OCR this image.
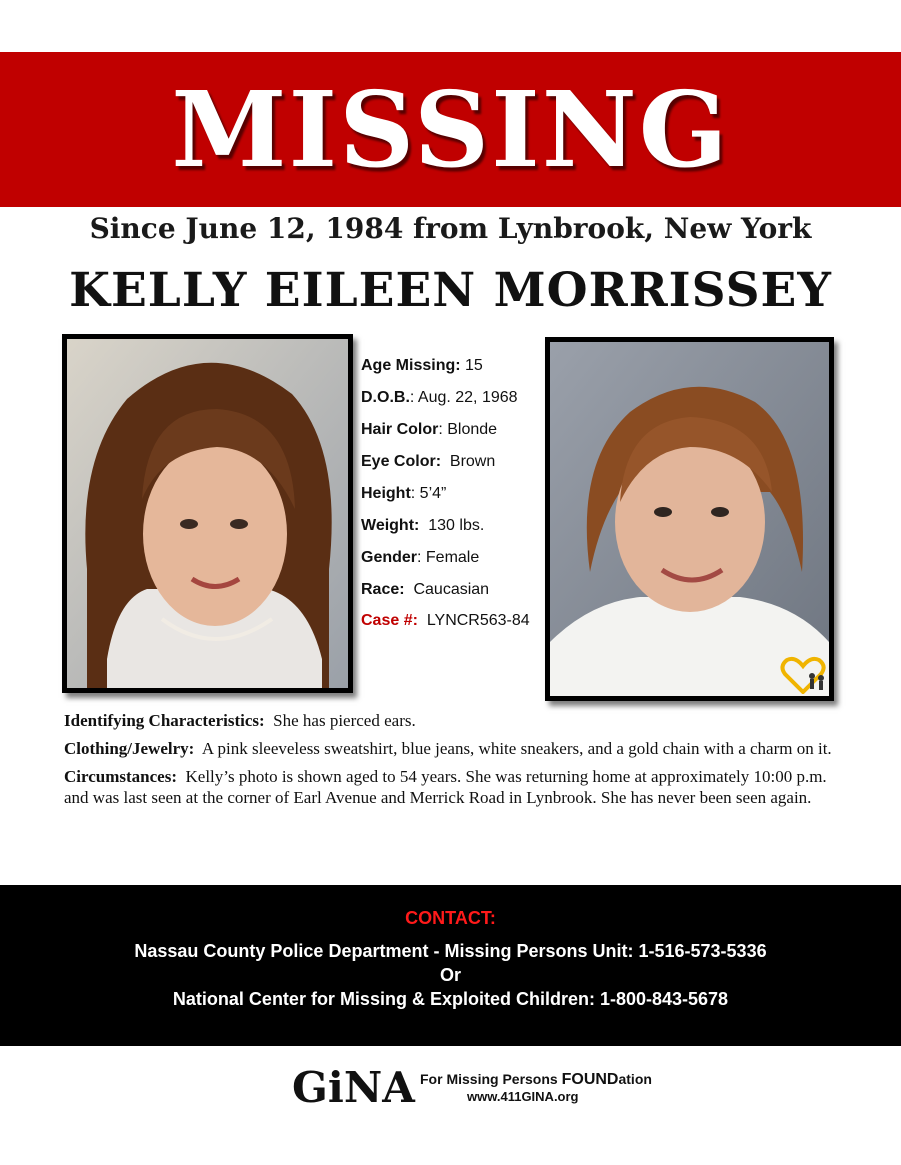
MISSING

Since June 12, 1984 from Lynbrook, New York

KELLY EILEEN MORRISSEY

Age Missing: 15

D.O.B.: Aug. 22, 1968

Hair Color: Blonde

Eye Color: Brown

Height: 5’4”

Weight: 130 lbs.

Gender: Female

Race: Caucasian

Case #: LYNCR563-84

Identifying Characteristics: She has pierced ears.

Clothing/Jewelry: A pink sleeveless sweatshirt, blue jeans, white sneakers, and a gold chain with a charm on it.

Circumstances: Kelly’s photo is shown aged to 54 years. She was returning home at approximately 10:00 p.m. and was last seen at the corner of Earl Avenue and Merrick Road in Lynbrook. She has never been seen again.

CONTACT:
Nassau County Police Department - Missing Persons Unit: 1-516-573-5336
Or
National Center for Missing & Exploited Children: 1-800-843-5678
GiNA For Missing Persons FOUNDation
www.411GINA.org
